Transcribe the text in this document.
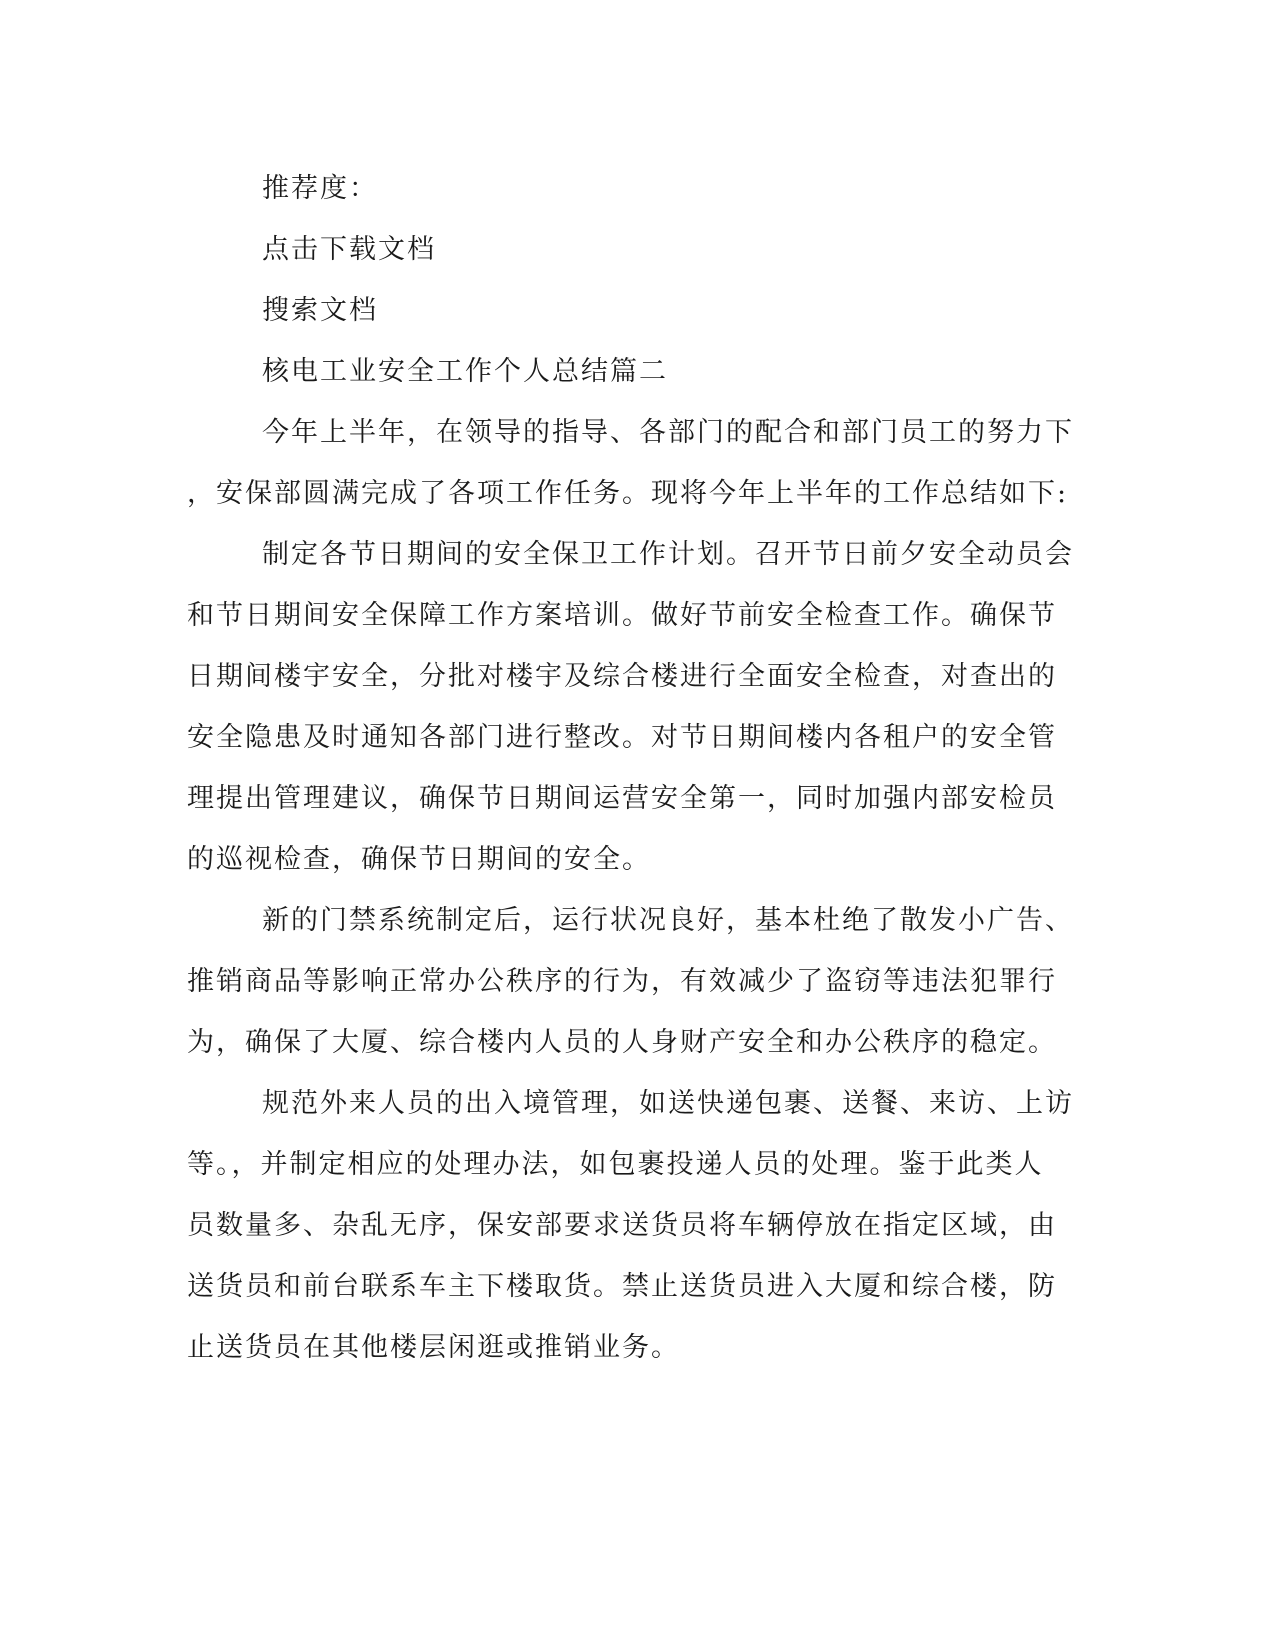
推荐度：
点击下载文档
搜索文档
核电工业安全工作个人总结篇二
今年上半年，在领导的指导、各部门的配合和部门员工的努力下
，安保部圆满完成了各项工作任务。现将今年上半年的工作总结如下:
制定各节日期间的安全保卫工作计划。召开节日前夕安全动员会
和节日期间安全保障工作方案培训。做好节前安全检查工作。确保节
日期间楼宇安全，分批对楼宇及综合楼进行全面安全检查，对查出的
安全隐患及时通知各部门进行整改。对节日期间楼内各租户的安全管
理提出管理建议，确保节日期间运营安全第一，同时加强内部安检员
的巡视检查，确保节日期间的安全。
新的门禁系统制定后，运行状况良好，基本杜绝了散发小广告、
推销商品等影响正常办公秩序的行为，有效减少了盗窃等违法犯罪行
为，确保了大厦、综合楼内人员的人身财产安全和办公秩序的稳定。
规范外来人员的出入境管理，如送快递包裹、送餐、来访、上访
等。，并制定相应的处理办法，如包裹投递人员的处理。鉴于此类人
员数量多、杂乱无序，保安部要求送货员将车辆停放在指定区域，由
送货员和前台联系车主下楼取货。禁止送货员进入大厦和综合楼，防
止送货员在其他楼层闲逛或推销业务。
